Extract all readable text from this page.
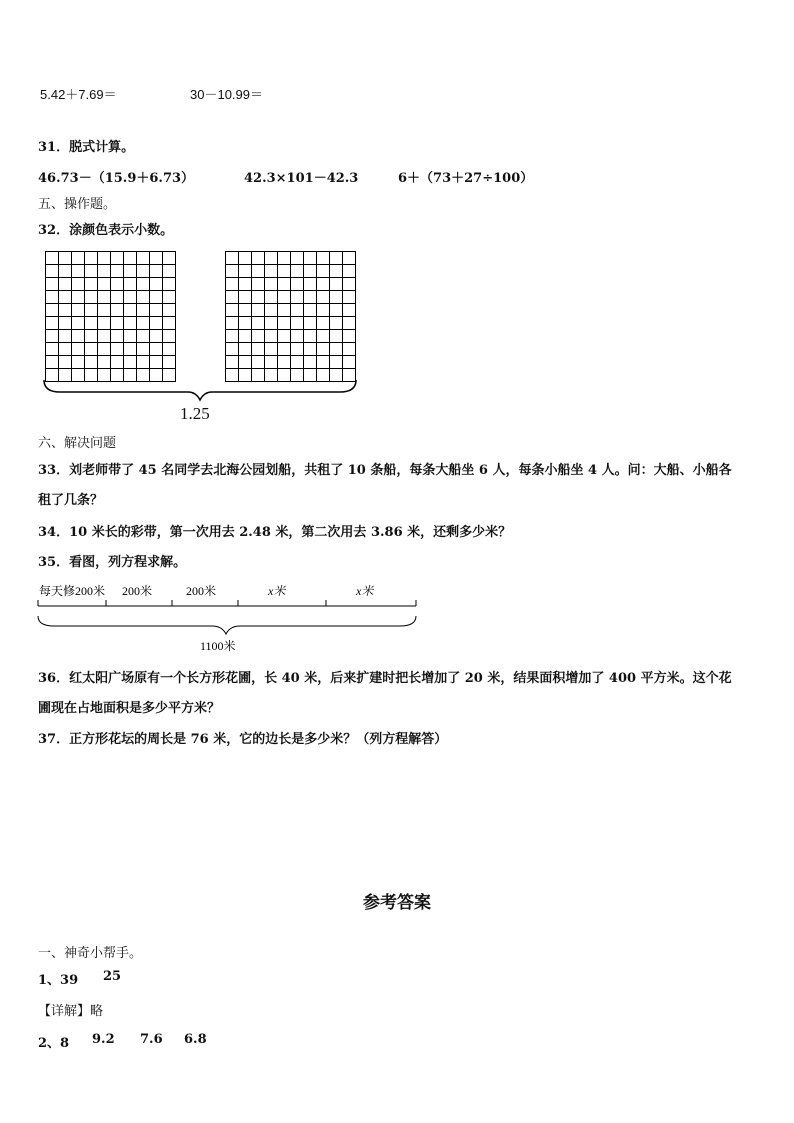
5.42＋7.69＝	30－10.99＝
31．脱式计算。
46.73－（15.9＋6.73）	42.3×101－42.3	6＋（73＋27÷100）
五、操作题。
32．涂颜色表示小数。
1.25
六、解决问题
33．刘老师带了 45 名同学去北海公园划船，共租了 10 条船，每条大船坐 6 人，每条小船坐 4 人。问：大船、小船各
租了几条？
34．10 米长的彩带，第一次用去 2.48 米，第二次用去 3.86 米，还剩多少米？
35．看图，列方程求解。
每天修200米 200米	200米	x米	x米
1100米
36．红太阳广场原有一个长方形花圃，长 40 米，后来扩建时把长增加了 20 米，结果面积增加了 400 平方米。这个花
圃现在占地面积是多少平方米？
37．正方形花坛的周长是 76 米，它的边长是多少米？（列方程解答）
参考答案
一、神奇小帮手。
1、39 25
【详解】略
2、8 9.2 7.6 6.8
